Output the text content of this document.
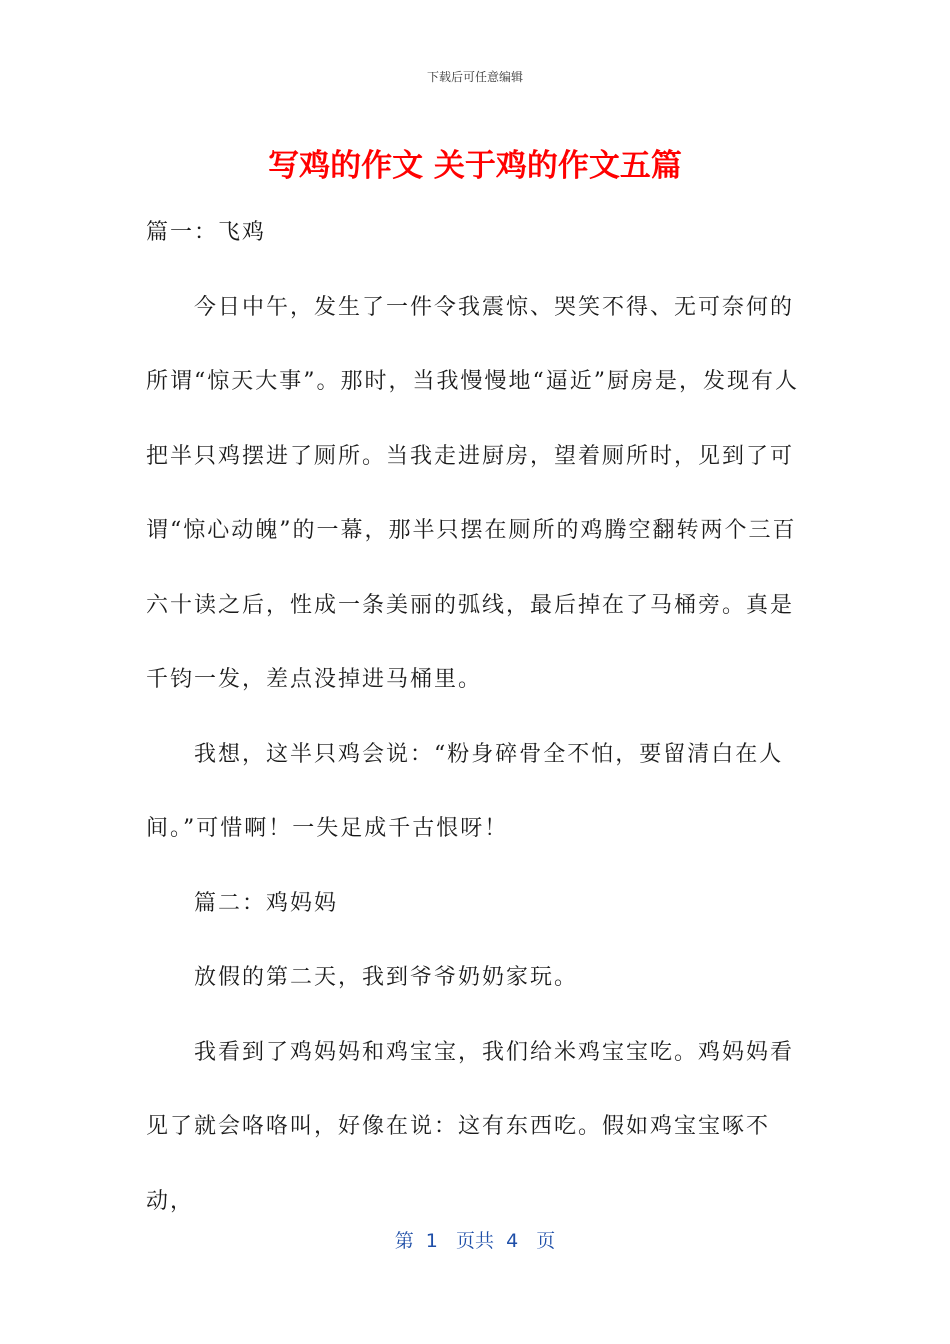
下载后可任意编辑
写鸡的作文 关于鸡的作文五篇

篇一：飞鸡

今日中午，发生了一件令我震惊、哭笑不得、无可奈何的所谓“惊天大事”。那时，当我慢慢地“逼近”厨房是，发现有人把半只鸡摆进了厕所。当我走进厨房，望着厕所时，见到了可谓“惊心动魄”的一幕，那半只摆在厕所的鸡腾空翻转两个三百六十读之后，性成一条美丽的弧线，最后掉在了马桶旁。真是千钧一发，差点没掉进马桶里。

我想，这半只鸡会说：“粉身碎骨全不怕，要留清白在人间。”可惜啊！一失足成千古恨呀！

篇二：鸡妈妈

放假的第二天，我到爷爷奶奶家玩。

我看到了鸡妈妈和鸡宝宝，我们给米鸡宝宝吃。鸡妈妈看见了就会咯咯叫，好像在说：这有东西吃。假如鸡宝宝啄不动，

第  1   页共  4   页
